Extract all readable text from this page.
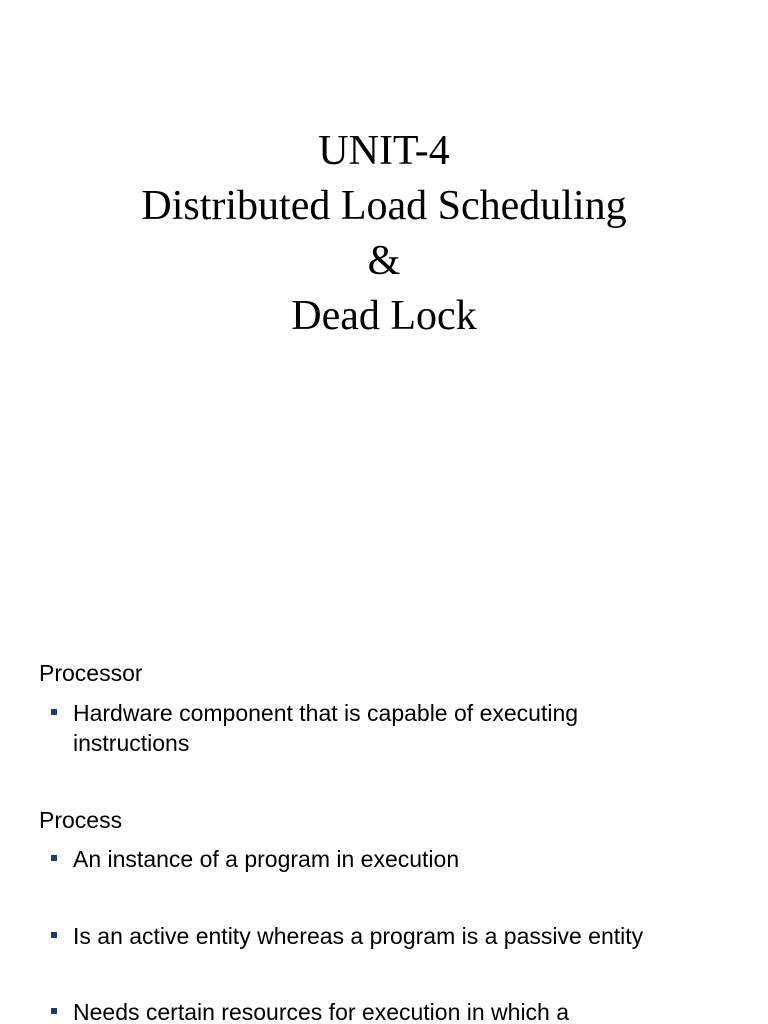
UNIT-4
Distributed Load Scheduling
&
Dead Lock
Processor
Hardware component that is capable of executing
instructions
Process
An instance of a program in execution
Is an active entity whereas a program is a passive entity
Needs certain resources for execution in which a
